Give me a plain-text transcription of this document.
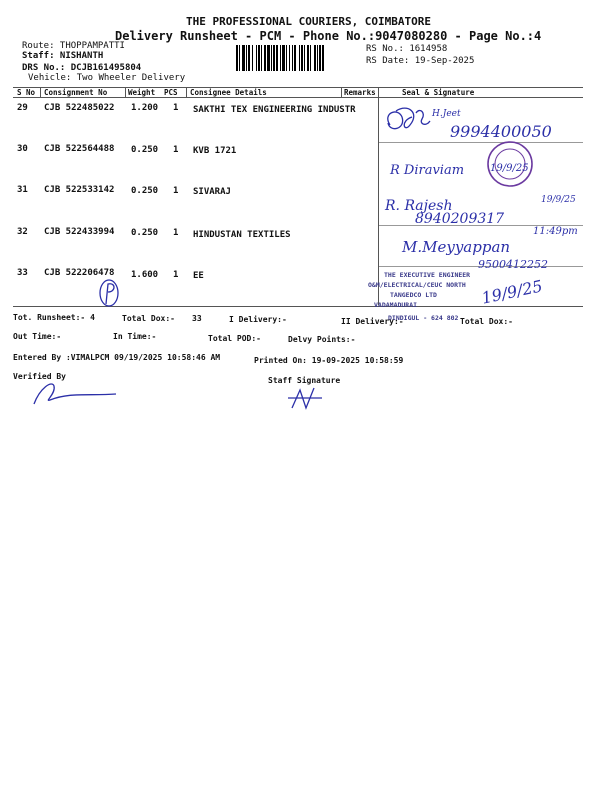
THE PROFESSIONAL COURIERS, COIMBATORE
Delivery Runsheet - PCM - Phone No.:9047080280 - Page No.:4
Route: THOPPAMPATTI
Staff: NISHANTH
DRS No.: DCJB161495804
Vehicle: Two Wheeler Delivery
RS No.: 1614958
RS Date: 19-Sep-2025
S No Consignment No	Weight PCS Consignee Details	Remarks	Seal & Signature
29 CJB 522485022 1.200 1 SAKTHI TEX ENGINEERING INDUSTR
30 CJB 522564488 0.250 1 KVB 1721
31 CJB 522533142 0.250 1 SIVARAJ
32 CJB 522433994 0.250 1 HINDUSTAN TEXTILES
33 CJB 522206478 1.600 1 EE
H.Jeet
9994400050
R Diraviam	19/9/25
R. Rajesh	19/9/25
8940209317
11:49pm
M.Meyyappan
9500412252
THE EXECUTIVE ENGINEER
O&M/ELECTRICAL/CEUC NORTH
TANGEDCO LTD
VADAMADURAI
DINDIGUL - 624 802
19/9/25
Tot. Runsheet:- 4	Total Dox:- 33	I Delivery:-	II Delivery:-	Total Dox:-
Out Time:-	In Time:-	Total POD:-	Delvy Points:-
Entered By :VIMALPCM 09/19/2025 10:58:46 AM	Printed On: 19-09-2025 10:58:59
Verified By	Staff Signature
